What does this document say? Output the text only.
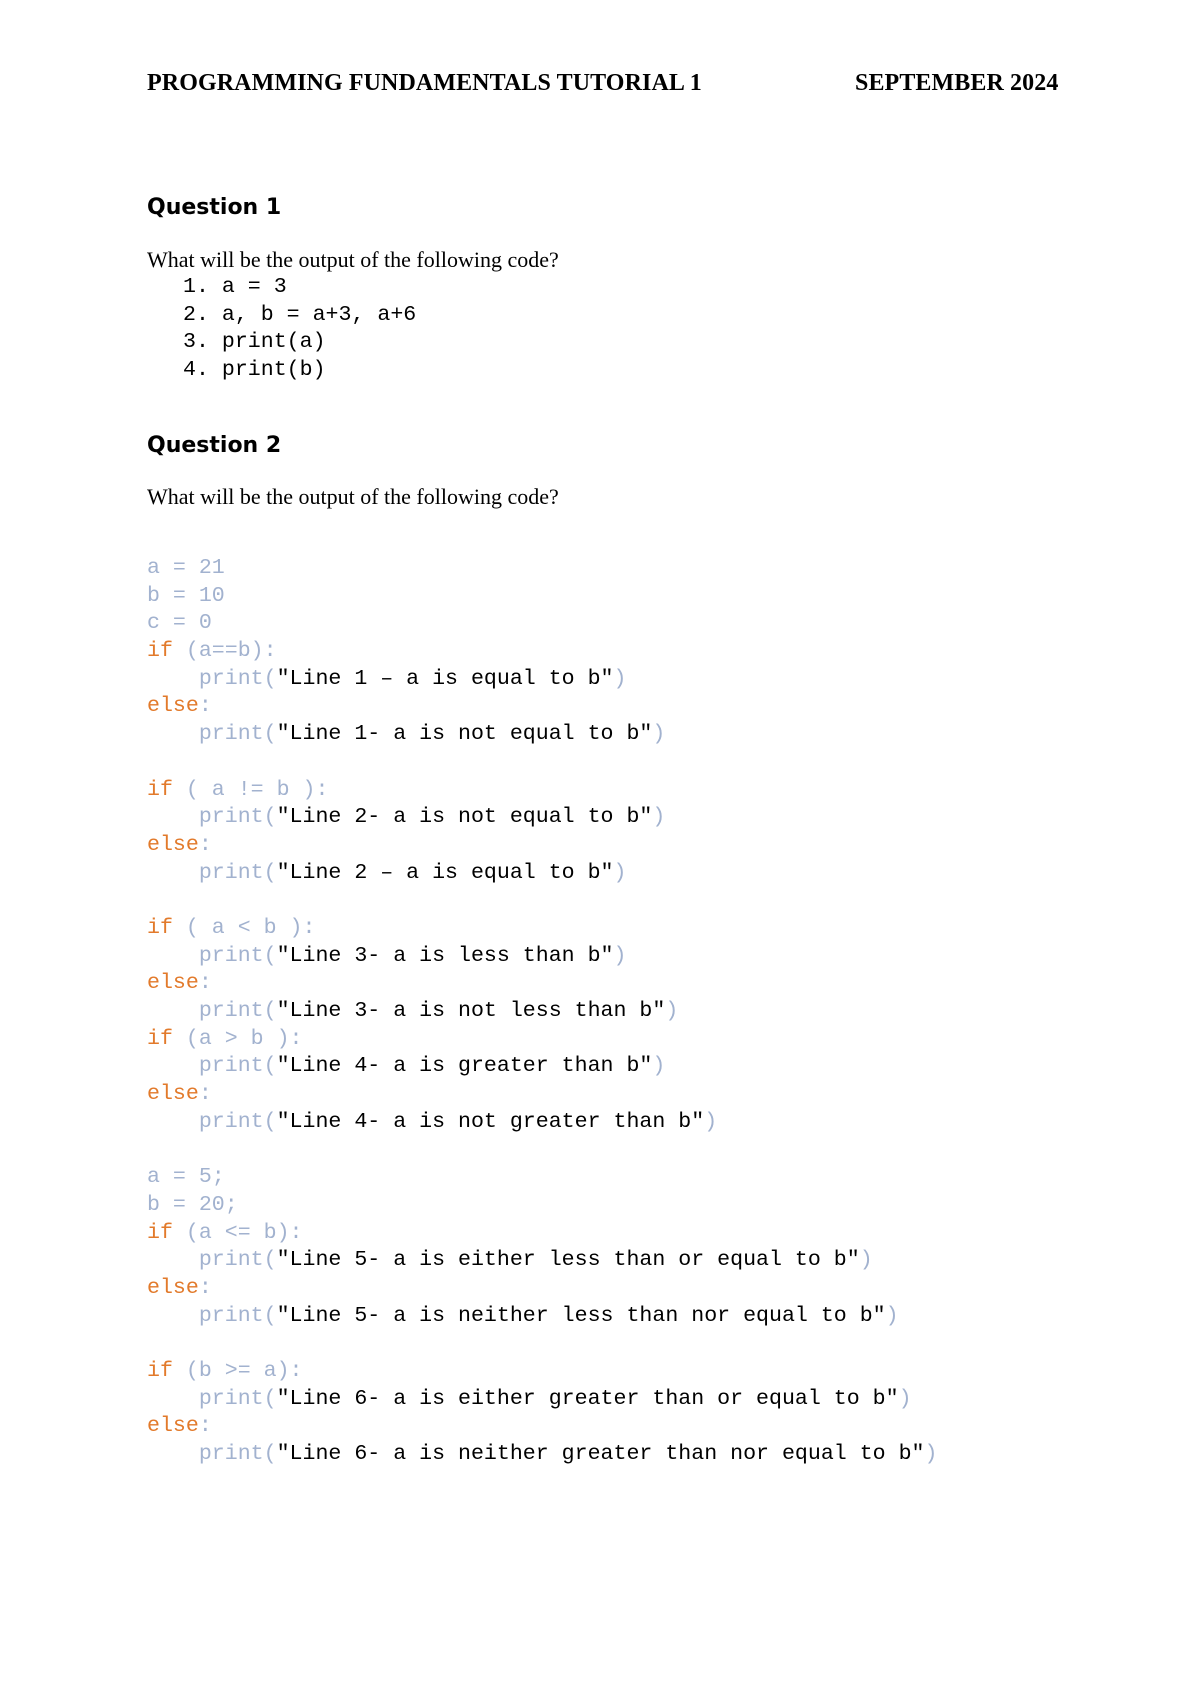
PROGRAMMING FUNDAMENTALS TUTORIAL 1	SEPTEMBER 2024
Question 1
What will be the output of the following code?
1. a = 3
2. a, b = a+3, a+6
3. print(a)
4. print(b)
Question 2
What will be the output of the following code?
a = 21
b = 10
c = 0
if (a==b):
print("Line 1 – a is equal to b")
else:
print("Line 1- a is not equal to b")
if ( a != b ):
print("Line 2- a is not equal to b")
else:
print("Line 2 – a is equal to b")
if ( a < b ):
print("Line 3- a is less than b")
else:
print("Line 3- a is not less than b")
if (a > b ):
print("Line 4- a is greater than b")
else:
print("Line 4- a is not greater than b")
a = 5;
b = 20;
if (a <= b):
print("Line 5- a is either less than or equal to b")
else:
print("Line 5- a is neither less than nor equal to b")
if (b >= a):
print("Line 6- a is either greater than or equal to b")
else:
print("Line 6- a is neither greater than nor equal to b")
